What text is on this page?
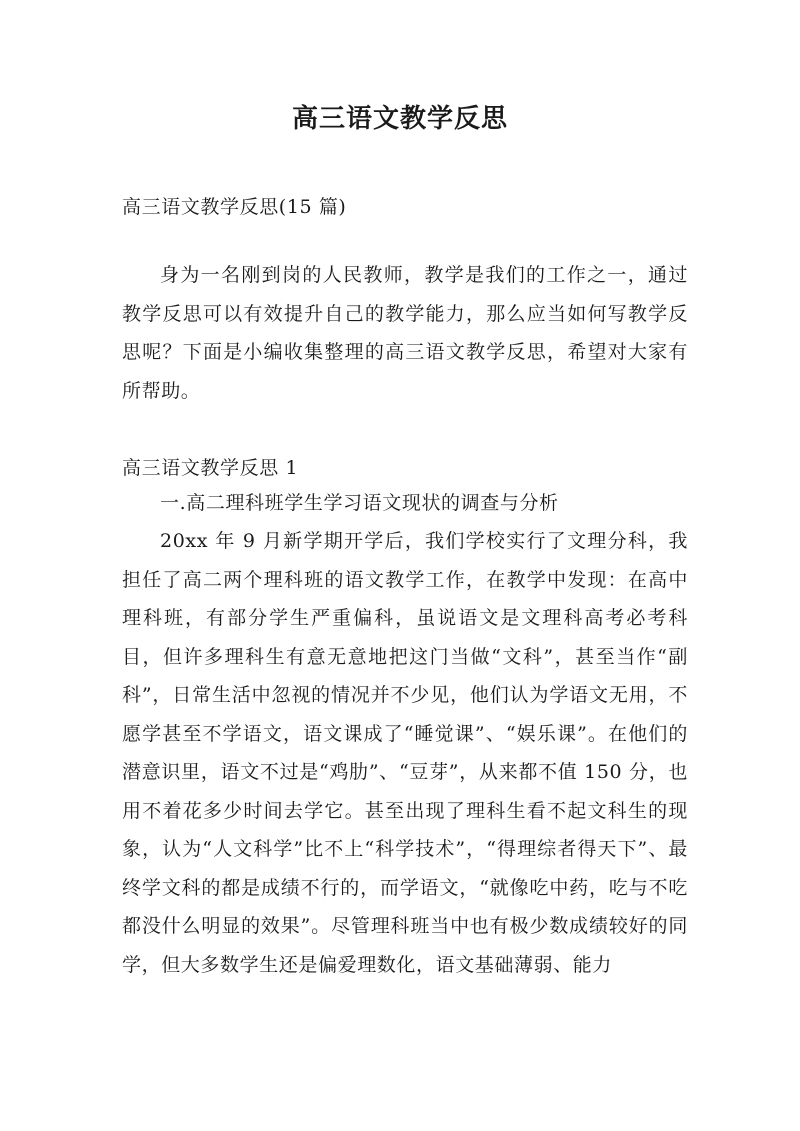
高三语文教学反思

高三语文教学反思(15 篇)

身为一名刚到岗的人民教师，教学是我们的工作之一，通过教学反思可以有效提升自己的教学能力，那么应当如何写教学反思呢？下面是小编收集整理的高三语文教学反思，希望对大家有所帮助。

高三语文教学反思 1

一.高二理科班学生学习语文现状的调查与分析

20xx 年 9 月新学期开学后，我们学校实行了文理分科，我担任了高二两个理科班的语文教学工作，在教学中发现：在高中理科班，有部分学生严重偏科，虽说语文是文理科高考必考科目，但许多理科生有意无意地把这门当做“文科”，甚至当作“副科”，日常生活中忽视的情况并不少见，他们认为学语文无用，不愿学甚至不学语文，语文课成了“睡觉课”、“娱乐课”。在他们的潜意识里，语文不过是“鸡肋”、“豆芽”，从来都不值 150 分，也用不着花多少时间去学它。甚至出现了理科生看不起文科生的现象，认为“人文科学”比不上“科学技术”，“得理综者得天下”、最终学文科的都是成绩不行的，而学语文，“就像吃中药，吃与不吃都没什么明显的效果”。尽管理科班当中也有极少数成绩较好的同学，但大多数学生还是偏爱理数化，语文基础薄弱、能力
